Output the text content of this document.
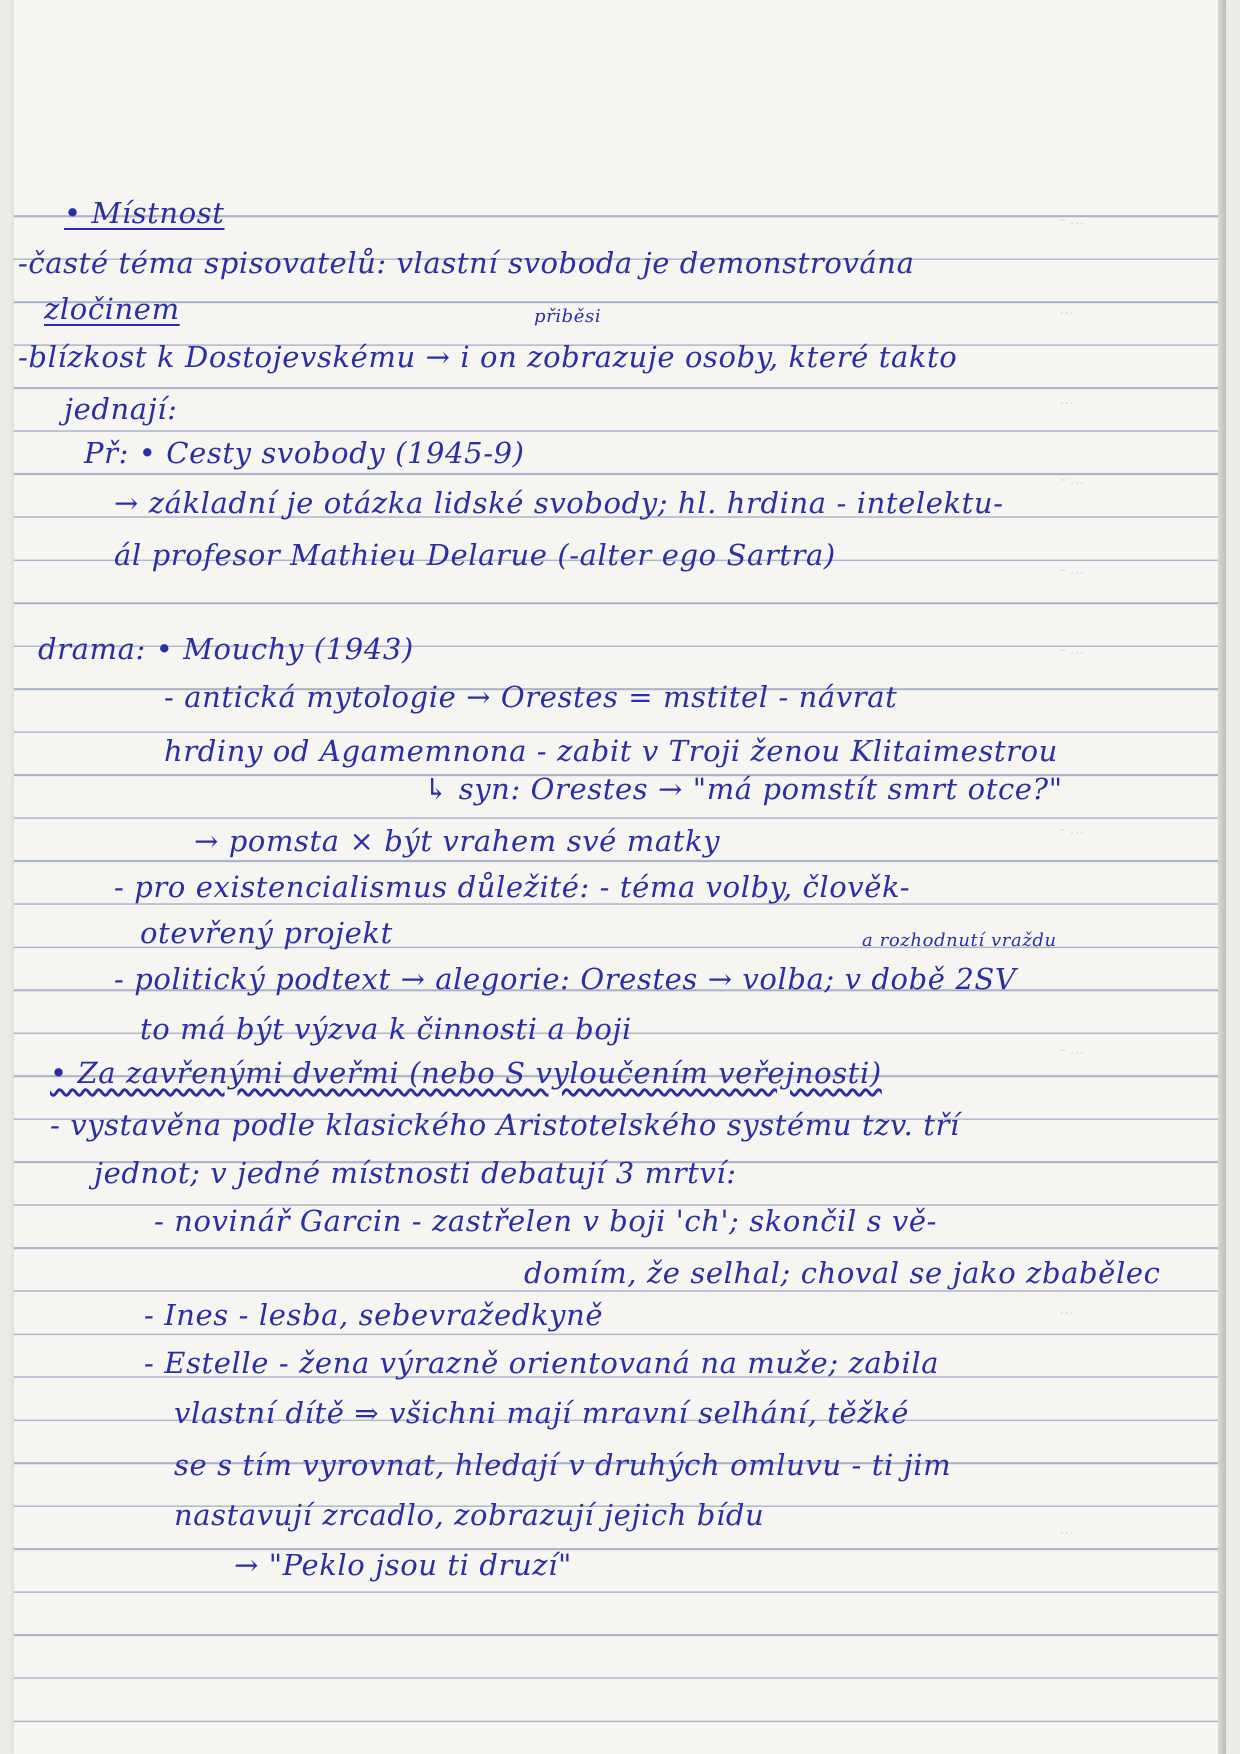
- ...
...
...
- ...
- ...
- ...
- ...
- ...
...
...
• Místnost
-časté téma spisovatelů: vlastní svoboda je demonstrována
zločinem	přiběsi
-blízkost k Dostojevskému → i on zobrazuje osoby, které takto
jednají:
Př: • Cesty svobody (1945-9)
→ základní je otázka lidské svobody; hl. hrdina - intelektu-
ál profesor Mathieu Delarue (-alter ego Sartra)
drama: • Mouchy (1943)
- antická mytologie → Orestes = mstitel - návrat
hrdiny od Agamemnona - zabit v Troji ženou Klitaimestrou
↳ syn: Orestes → "má pomstít smrt otce?"
→ pomsta × být vrahem své matky
- pro existencialismus důležité: - téma volby, člověk-
otevřený projekt	a rozhodnutí vraždu
- politický podtext → alegorie: Orestes → volba; v době 2SV
to má být výzva k činnosti a boji
• Za zavřenými dveřmi (nebo S vyloučením veřejnosti)
- vystavěna podle klasického Aristotelského systému tzv. tří
jednot; v jedné místnosti debatují 3 mrtví:
- novinář Garcin - zastřelen v boji 'ch'; skončil s vě-
domím, že selhal; choval se jako zbabělec
- Ines - lesba, sebevražedkyně
- Estelle - žena výrazně orientovaná na muže; zabila
vlastní dítě ⇒ všichni mají mravní selhání, těžké
se s tím vyrovnat, hledají v druhých omluvu - ti jim
nastavují zrcadlo, zobrazují jejich bídu
→ "Peklo jsou ti druzí"
